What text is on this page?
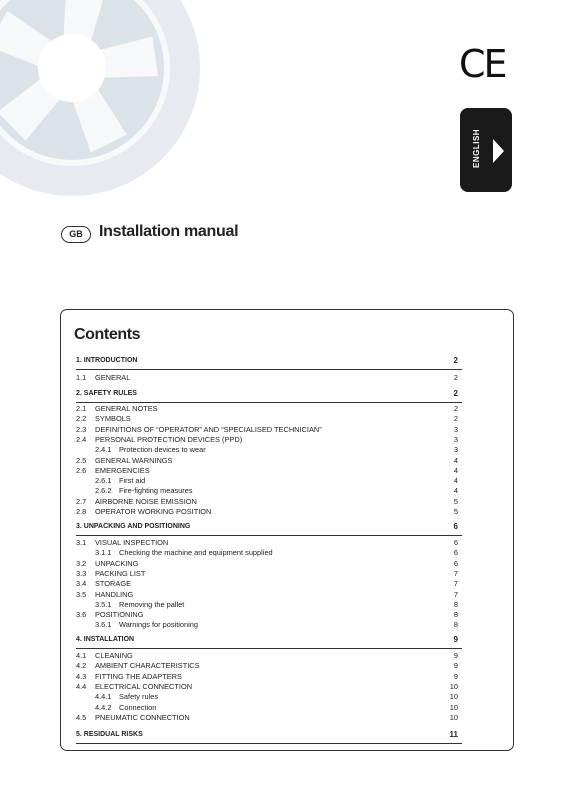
CE
ENGLISH
GB	Installation manual
Contents
1. INTRODUCTION	2
1.1 GENERAL	2
2. SAFETY RULES	2
2.1 GENERAL NOTES	2
2.2 SYMBOLS	2
2.3 DEFINITIONS OF “OPERATOR” AND “SPECIALISED TECHNICIAN”	3
2.4 PERSONAL PROTECTION DEVICES (PPD)	3
2.4.1 Protection devices to wear	3
2.5 GENERAL WARNINGS	4
2.6 EMERGENCIES	4
2.6.1 First aid	4
2.6.2 Fire-fighting measures	4
2.7 AIRBORNE NOISE EMISSION	5
2.8 OPERATOR WORKING POSITION	5
3. UNPACKING AND POSITIONING	6
3.1 VISUAL INSPECTION	6
3.1.1 Checking the machine and equipment supplied	6
3.2 UNPACKING	6
3.3 PACKING LIST	7
3.4 STORAGE	7
3.5 HANDLING	7
3.5.1 Removing the pallet	8
3.6 POSITIONING	8
3.6.1 Warnings for positioning	8
4. INSTALLATION	9
4.1 CLEANING	9
4.2 AMBIENT CHARACTERISTICS	9
4.3 FITTING THE ADAPTERS	9
4.4 ELECTRICAL CONNECTION	10
4.4.1 Safety rules	10
4.4.2 Connection	10
4.5 PNEUMATIC CONNECTION	10
5. RESIDUAL RISKS	11
